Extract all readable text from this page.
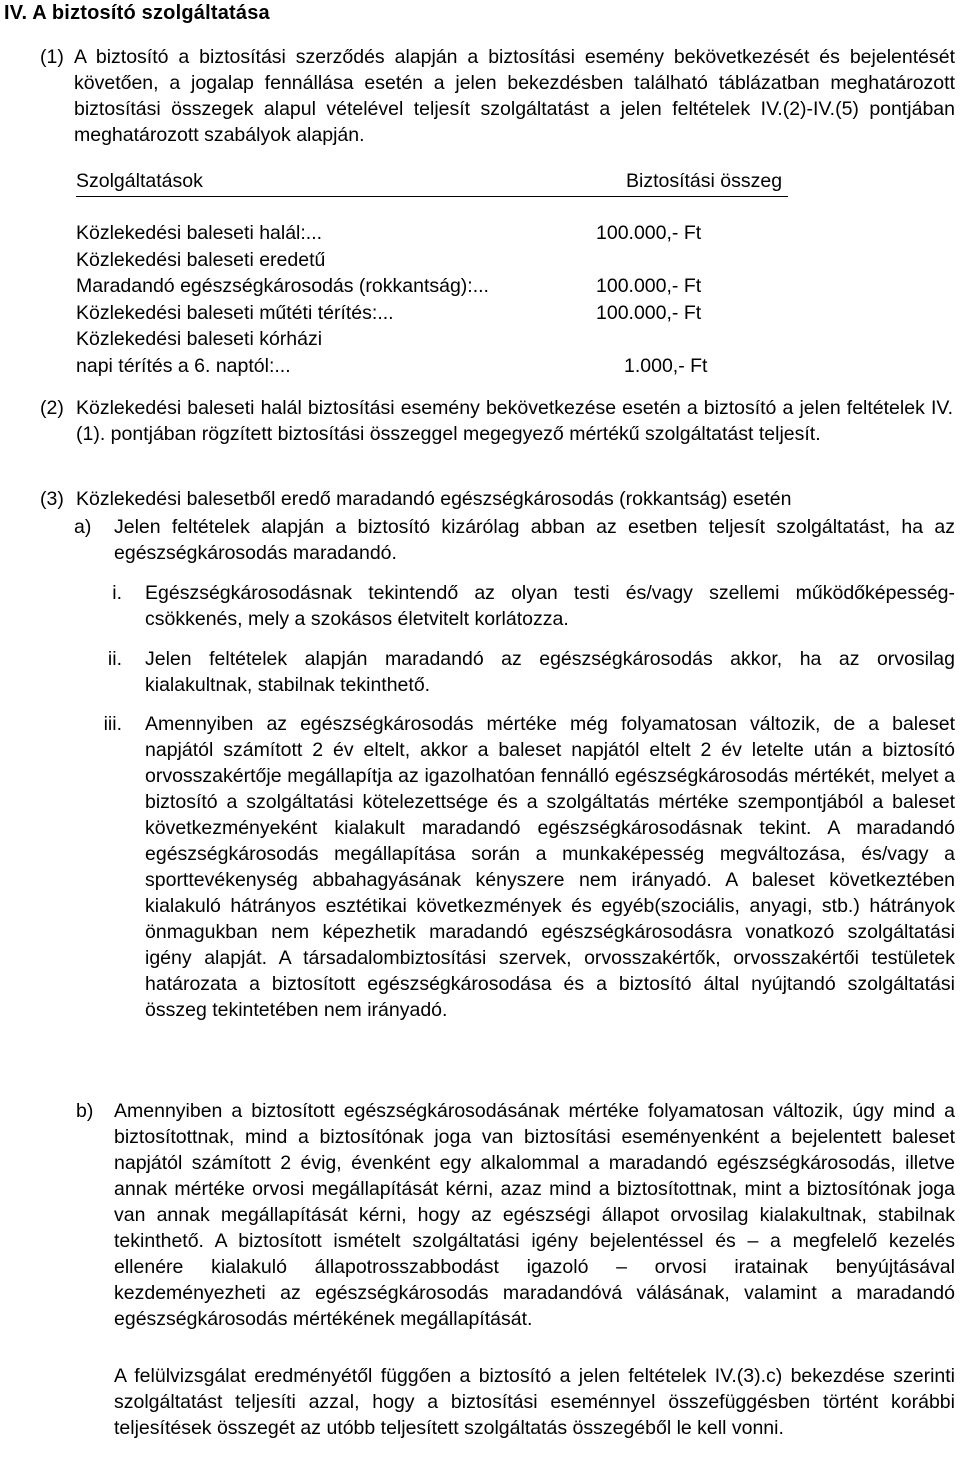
IV. A biztosító szolgáltatása
(1) A biztosító a biztosítási szerződés alapján a biztosítási esemény bekövetkezését és bejelentését követően, a jogalap fennállása esetén a jelen bekezdésben található táblázatban meghatározott biztosítási összegek alapul vételével teljesít szolgáltatást a jelen feltételek IV.(2)-IV.(5) pontjában meghatározott szabályok alapján.
Szolgáltatások	Biztosítási összeg
Közlekedési baleseti halál:...	100.000,- Ft
Közlekedési baleseti eredetű
Maradandó egészségkárosodás (rokkantság):...	100.000,- Ft
Közlekedési baleseti műtéti térítés:...	100.000,- Ft
Közlekedési baleseti kórházi
napi térítés a 6. naptól:...	1.000,- Ft
(2) Közlekedési baleseti halál biztosítási esemény bekövetkezése esetén a biztosító a jelen feltételek IV.(1). pontjában rögzített biztosítási összeggel megegyező mértékű szolgáltatást teljesít.
(3) Közlekedési balesetből eredő maradandó egészségkárosodás (rokkantság) esetén
a) Jelen feltételek alapján a biztosító kizárólag abban az esetben teljesít szolgáltatást, ha az egészségkárosodás maradandó.
i. Egészségkárosodásnak tekintendő az olyan testi és/vagy szellemi működőképesség-csökkenés, mely a szokásos életvitelt korlátozza.
ii. Jelen feltételek alapján maradandó az egészségkárosodás akkor, ha az orvosilag kialakultnak, stabilnak tekinthető.
iii. Amennyiben az egészségkárosodás mértéke még folyamatosan változik, de a baleset napjától számított 2 év eltelt, akkor a baleset napjától eltelt 2 év letelte után a biztosító orvosszakértője megállapítja az igazolhatóan fennálló egészségkárosodás mértékét, melyet a biztosító a szolgáltatási kötelezettsége és a szolgáltatás mértéke szempontjából a baleset következményeként kialakult maradandó egészségkárosodásnak tekint. A maradandó egészségkárosodás megállapítása során a munkaképesség megváltozása, és/vagy a sporttevékenység abbahagyásának kényszere nem irányadó. A baleset következtében kialakuló hátrányos esztétikai következmények és egyéb(szociális, anyagi, stb.) hátrányok önmagukban nem képezhetik maradandó egészségkárosodásra vonatkozó szolgáltatási igény alapját. A társadalombiztosítási szervek, orvosszakértők, orvosszakértői testületek határozata a biztosított egészségkárosodása és a biztosító által nyújtandó szolgáltatási összeg tekintetében nem irányadó.
b) Amennyiben a biztosított egészségkárosodásának mértéke folyamatosan változik, úgy mind a biztosítottnak, mind a biztosítónak joga van biztosítási eseményenként a bejelentett baleset napjától számított 2 évig, évenként egy alkalommal a maradandó egészségkárosodás, illetve annak mértéke orvosi megállapítását kérni, azaz mind a biztosítottnak, mint a biztosítónak joga van annak megállapítását kérni, hogy az egészségi állapot orvosilag kialakultnak, stabilnak tekinthető. A biztosított ismételt szolgáltatási igény bejelentéssel és – a megfelelő kezelés ellenére kialakuló állapotrosszabbodást igazoló – orvosi iratainak benyújtásával kezdeményezheti az egészségkárosodás maradandóvá válásának, valamint a maradandó egészségkárosodás mértékének megállapítását.
A felülvizsgálat eredményétől függően a biztosító a jelen feltételek IV.(3).c) bekezdése szerinti szolgáltatást teljesíti azzal, hogy a biztosítási eseménnyel összefüggésben történt korábbi teljesítések összegét az utóbb teljesített szolgáltatás összegéből le kell vonni.
